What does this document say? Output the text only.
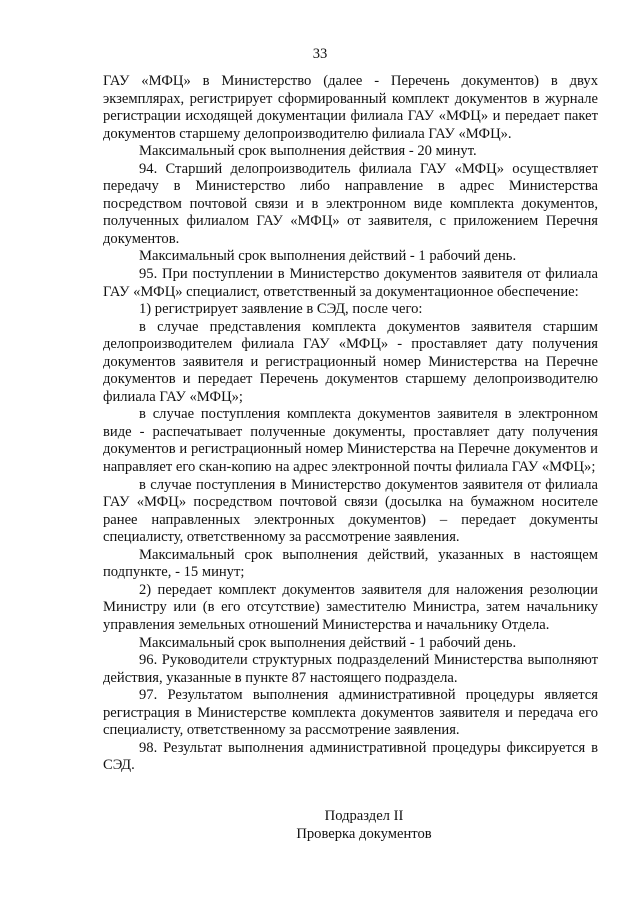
33

ГАУ «МФЦ» в Министерство (далее - Перечень документов) в двух экземплярах, регистрирует сформированный комплект документов в журнале регистрации исходящей документации филиала ГАУ «МФЦ» и передает пакет документов старшему делопроизводителю филиала ГАУ «МФЦ».

Максимальный срок выполнения действия - 20 минут.

94. Старший делопроизводитель филиала ГАУ «МФЦ» осуществляет передачу в Министерство либо направление в адрес Министерства посредством почтовой связи и в электронном виде комплекта документов, полученных филиалом ГАУ «МФЦ» от заявителя, с приложением Перечня документов.

Максимальный срок выполнения действий - 1 рабочий день.

95. При поступлении в Министерство документов заявителя от филиала ГАУ «МФЦ» специалист, ответственный за документационное обеспечение:

1) регистрирует заявление в СЭД, после чего:

в случае представления комплекта документов заявителя старшим делопроизводителем филиала ГАУ «МФЦ» - проставляет дату получения документов заявителя и регистрационный номер Министерства на Перечне документов и передает Перечень документов старшему делопроизводителю филиала ГАУ «МФЦ»;

в случае поступления комплекта документов заявителя в электронном виде - распечатывает полученные документы, проставляет дату получения документов и регистрационный номер Министерства на Перечне документов и направляет его скан-копию на адрес электронной почты филиала ГАУ «МФЦ»;

в случае поступления в Министерство документов заявителя от филиала ГАУ «МФЦ» посредством почтовой связи (досылка на бумажном носителе ранее направленных электронных документов) – передает документы специалисту, ответственному за рассмотрение заявления.

Максимальный срок выполнения действий, указанных в настоящем подпункте, - 15 минут;

2) передает комплект документов заявителя для наложения резолюции Министру или (в его отсутствие) заместителю Министра, затем начальнику управления земельных отношений Министерства и начальнику Отдела.

Максимальный срок выполнения действий - 1 рабочий день.

96. Руководители структурных подразделений Министерства выполняют действия, указанные в пункте 87 настоящего подраздела.

97. Результатом выполнения административной процедуры является регистрация в Министерстве комплекта документов заявителя и передача его специалисту, ответственному за рассмотрение заявления.

98. Результат выполнения административной процедуры фиксируется в СЭД.

Подраздел II
Проверка документов
